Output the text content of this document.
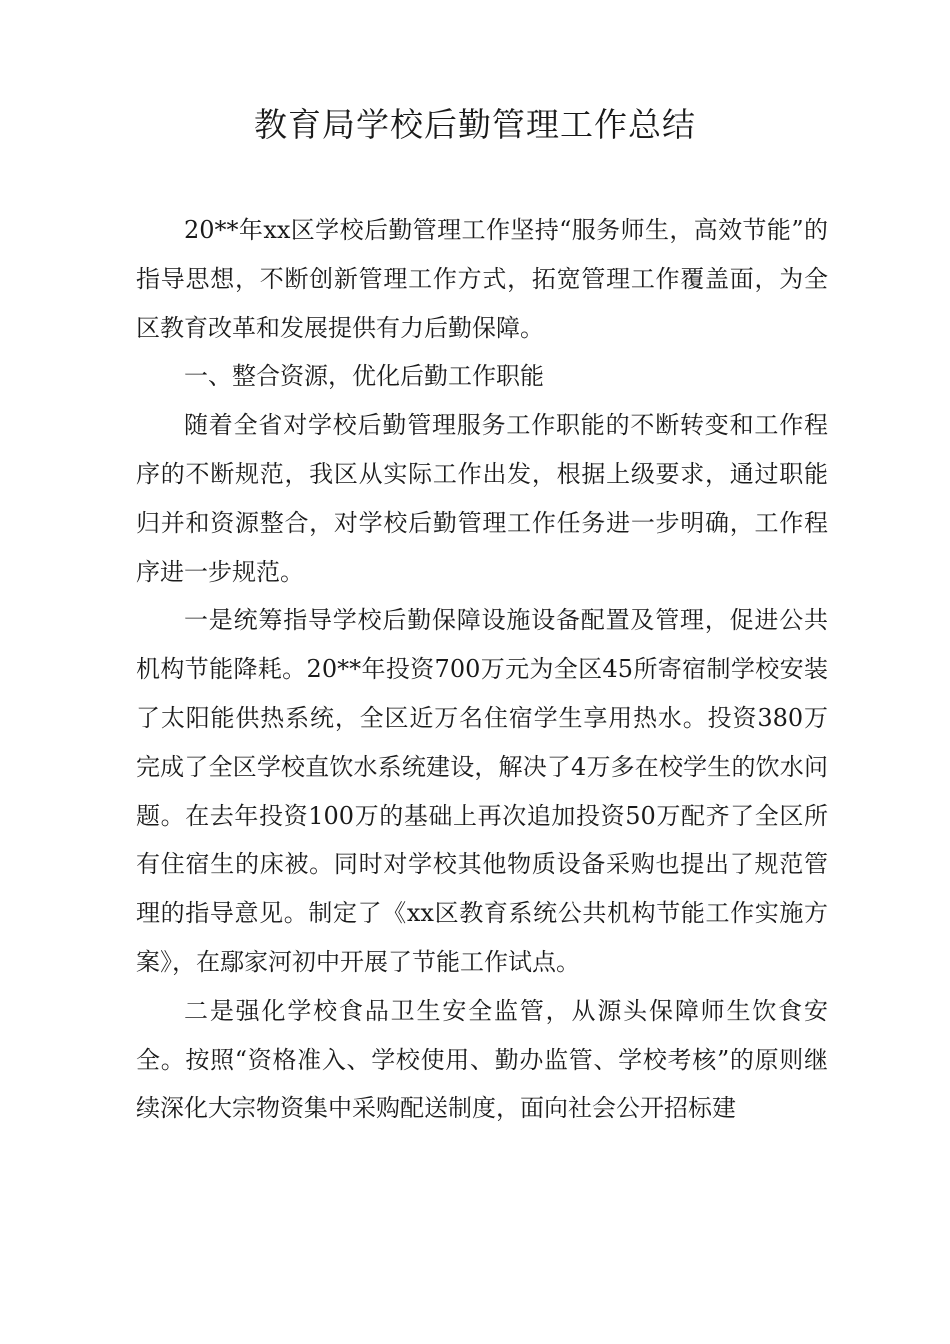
教育局学校后勤管理工作总结

20**年xx区学校后勤管理工作坚持“服务师生，高效节能”的指导思想，不断创新管理工作方式，拓宽管理工作覆盖面，为全区教育改革和发展提供有力后勤保障。

一、整合资源，优化后勤工作职能

随着全省对学校后勤管理服务工作职能的不断转变和工作程序的不断规范，我区从实际工作出发，根据上级要求，通过职能归并和资源整合，对学校后勤管理工作任务进一步明确，工作程序进一步规范。

一是统筹指导学校后勤保障设施设备配置及管理，促进公共机构节能降耗。20**年投资700万元为全区45所寄宿制学校安装了太阳能供热系统，全区近万名住宿学生享用热水。投资380万完成了全区学校直饮水系统建设，解决了4万多在校学生的饮水问题。在去年投资100万的基础上再次追加投资50万配齐了全区所有住宿生的床被。同时对学校其他物质设备采购也提出了规范管理的指导意见。制定了《xx区教育系统公共机构节能工作实施方案》，在鄢家河初中开展了节能工作试点。

二是强化学校食品卫生安全监管，从源头保障师生饮食安全。按照“资格准入、学校使用、勤办监管、学校考核”的原则继续深化大宗物资集中采购配送制度，面向社会公开招标建
